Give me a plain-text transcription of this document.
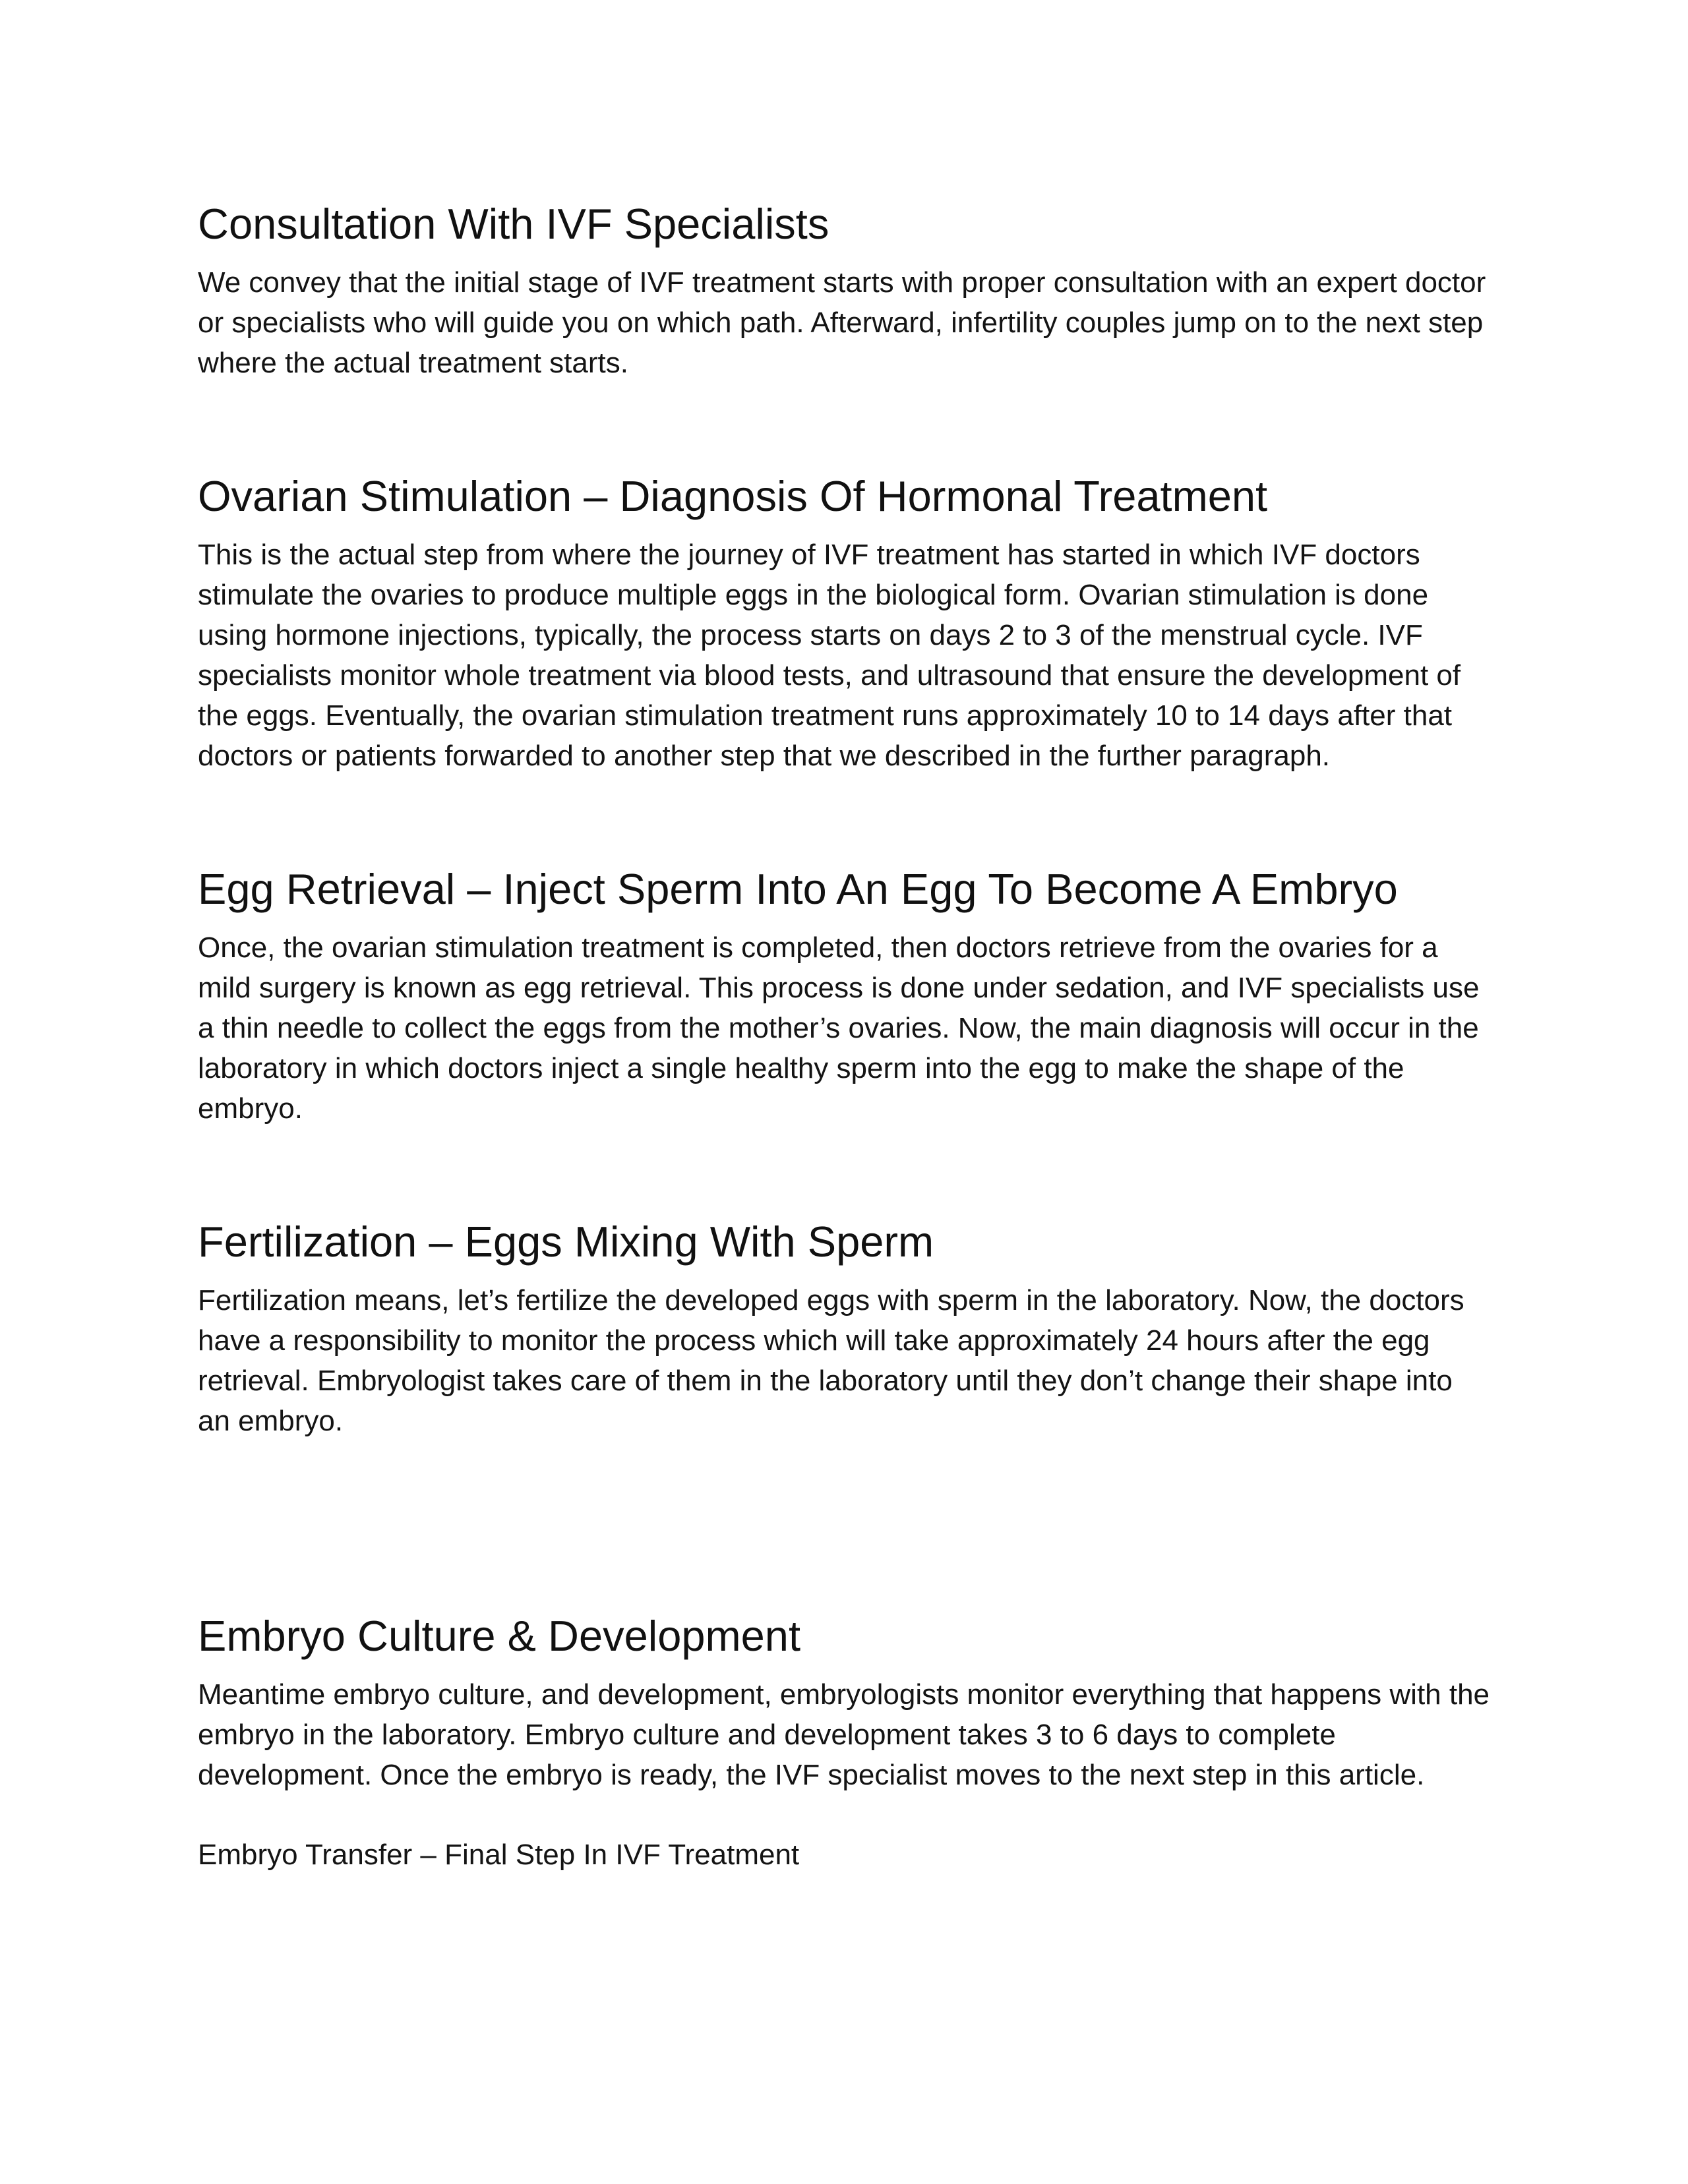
Consultation With IVF Specialists

We convey that the initial stage of IVF treatment starts with proper consultation with an expert doctor or specialists who will guide you on which path. Afterward, infertility couples jump on to the next step where the actual treatment starts.

Ovarian Stimulation – Diagnosis Of Hormonal Treatment

This is the actual step from where the journey of IVF treatment has started in which IVF doctors stimulate the ovaries to produce multiple eggs in the biological form. Ovarian stimulation is done using hormone injections, typically, the process starts on days 2 to 3 of the menstrual cycle. IVF specialists monitor whole treatment via blood tests, and ultrasound that ensure the development of the eggs. Eventually, the ovarian stimulation treatment runs approximately 10 to 14 days after that doctors or patients forwarded to another step that we described in the further paragraph.

Egg Retrieval – Inject Sperm Into An Egg To Become A Embryo

Once, the ovarian stimulation treatment is completed, then doctors retrieve from the ovaries for a mild surgery is known as egg retrieval. This process is done under sedation, and IVF specialists use a thin needle to collect the eggs from the mother’s ovaries. Now, the main diagnosis will occur in the laboratory in which doctors inject a single healthy sperm into the egg to make the shape of the embryo.

Fertilization – Eggs Mixing With Sperm

Fertilization means, let’s fertilize the developed eggs with sperm in the laboratory. Now, the doctors have a responsibility to monitor the process which will take approximately 24 hours after the egg retrieval. Embryologist takes care of them in the laboratory until they don’t change their shape into an embryo.

Embryo Culture & Development

Meantime embryo culture, and development, embryologists monitor everything that happens with the embryo in the laboratory. Embryo culture and development takes 3 to 6 days to complete development. Once the embryo is ready, the IVF specialist moves to the next step in this article.

Embryo Transfer – Final Step In IVF Treatment
